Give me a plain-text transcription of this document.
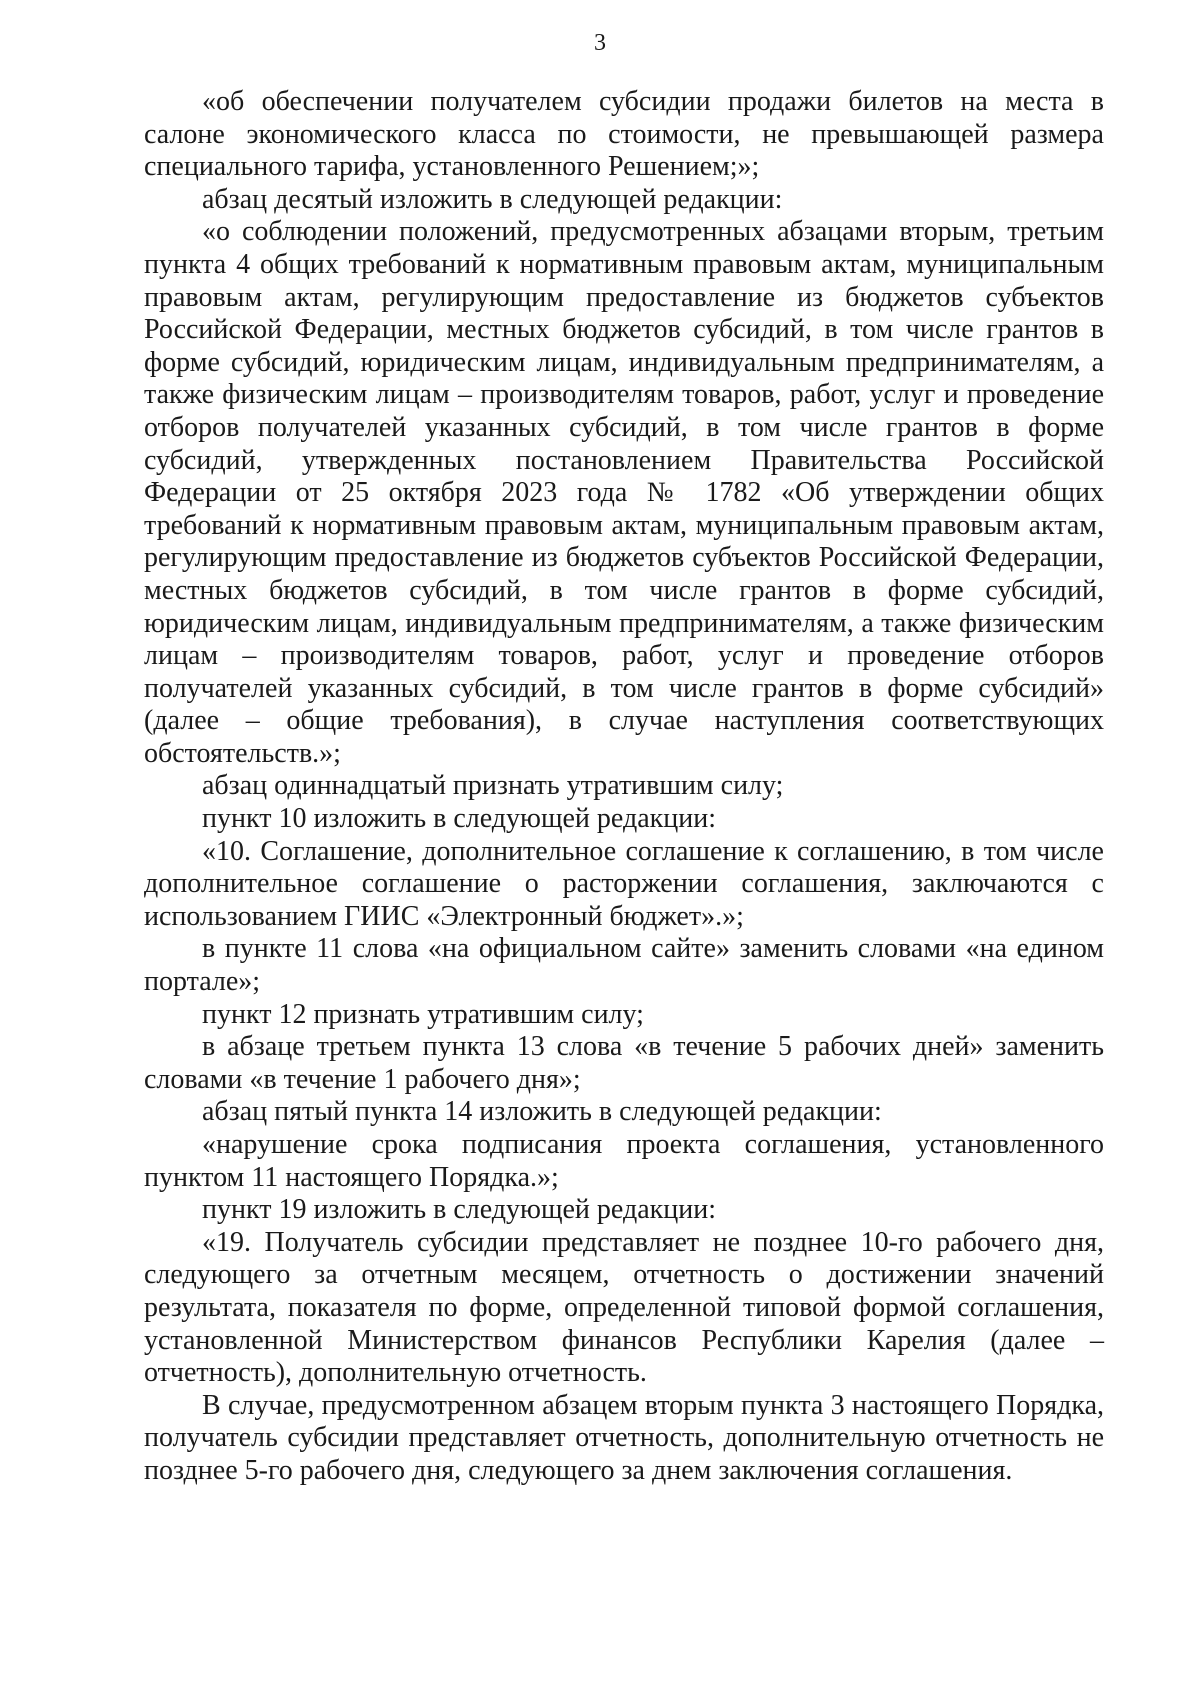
3

«об обеспечении получателем субсидии продажи билетов на места в салоне экономического класса по стоимости, не превышающей размера специального тарифа, установленного Решением;»;

абзац десятый изложить в следующей редакции:

«о соблюдении положений, предусмотренных абзацами вторым, третьим пункта 4 общих требований к нормативным правовым актам, муниципальным правовым актам, регулирующим предоставление из бюджетов субъектов Российской Федерации, местных бюджетов субсидий, в том числе грантов в форме субсидий, юридическим лицам, индивидуальным предпринимателям, а также физическим лицам – производителям товаров, работ, услуг и проведение отборов получателей указанных субсидий, в том числе грантов в форме субсидий, утвержденных постановлением Правительства Российской Федерации от 25 октября 2023 года № 1782 «Об утверждении общих требований к нормативным правовым актам, муниципальным правовым актам, регулирующим предоставление из бюджетов субъектов Российской Федерации, местных бюджетов субсидий, в том числе грантов в форме субсидий, юридическим лицам, индивидуальным предпринимателям, а также физическим лицам – производителям товаров, работ, услуг и проведение отборов получателей указанных субсидий, в том числе грантов в форме субсидий» (далее – общие требования), в случае наступления соответствующих обстоятельств.»;

абзац одиннадцатый признать утратившим силу;

пункт 10 изложить в следующей редакции:

«10. Соглашение, дополнительное соглашение к соглашению, в том числе дополнительное соглашение о расторжении соглашения, заключаются с использованием ГИИС «Электронный бюджет».»;

в пункте 11 слова «на официальном сайте» заменить словами «на едином портале»;

пункт 12 признать утратившим силу;

в абзаце третьем пункта 13 слова «в течение 5 рабочих дней» заменить словами «в течение 1 рабочего дня»;

абзац пятый пункта 14 изложить в следующей редакции:

«нарушение срока подписания проекта соглашения, установленного пунктом 11 настоящего Порядка.»;

пункт 19 изложить в следующей редакции:

«19. Получатель субсидии представляет не позднее 10-го рабочего дня, следующего за отчетным месяцем, отчетность о достижении значений результата, показателя по форме, определенной типовой формой соглашения, установленной Министерством финансов Республики Карелия (далее – отчетность), дополнительную отчетность.

В случае, предусмотренном абзацем вторым пункта 3 настоящего Порядка, получатель субсидии представляет отчетность, дополнительную отчетность не позднее 5-го рабочего дня, следующего за днем заключения соглашения.
